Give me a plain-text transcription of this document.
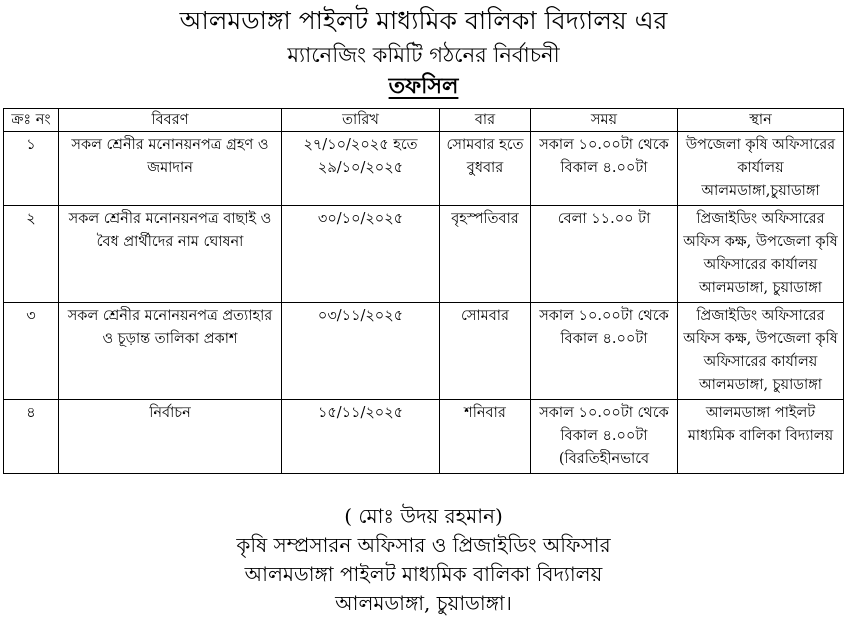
আলমডাঙ্গা পাইলট মাধ্যমিক বালিকা বিদ্যালয় এর
ম্যানেজিং কমিটি গঠনের নির্বাচনী
তফসিল
ক্রঃ নং	বিবরণ	তারিখ	বার	সময়	স্থান
১	সকল শ্রেনীর মনোনয়নপত্র গ্রহণ ও জমাদান	২৭/১০/২০২৫ হতে ২৯/১০/২০২৫	সোমবার হতে বুধবার	সকাল ১০.০০টা থেকে বিকাল ৪.০০টা	উপজেলা কৃষি অফিসারের কার্যালয় আলমডাঙ্গা,চুয়াডাঙ্গা
২	সকল শ্রেনীর মনোনয়নপত্র বাছাই ও বৈধ প্রার্থীদের নাম ঘোষনা	৩০/১০/২০২৫	বৃহস্পতিবার	বেলা ১১.০০ টা	প্রিজাইডিং অফিসারের অফিস কক্ষ, উপজেলা কৃষি অফিসারের কার্যালয় আলমডাঙ্গা, চুয়াডাঙ্গা
৩	সকল শ্রেনীর মনোনয়নপত্র প্রত্যাহার ও চূড়ান্ত তালিকা প্রকাশ	০৩/১১/২০২৫	সোমবার	সকাল ১০.০০টা থেকে বিকাল ৪.০০টা	প্রিজাইডিং অফিসারের অফিস কক্ষ, উপজেলা কৃষি অফিসারের কার্যালয় আলমডাঙ্গা, চুয়াডাঙ্গা
৪	নির্বাচন	১৫/১১/২০২৫	শনিবার	সকাল ১০.০০টা থেকে বিকাল ৪.০০টা (বিরতিহীনভাবে	আলমডাঙ্গা পাইলট মাধ্যমিক বালিকা বিদ্যালয়
( মোঃ উদয় রহমান)
কৃষি সম্প্রসারন অফিসার ও প্রিজাইডিং অফিসার
আলমডাঙ্গা পাইলট মাধ্যমিক বালিকা বিদ্যালয়
আলমডাঙ্গা, চুয়াডাঙ্গা।
